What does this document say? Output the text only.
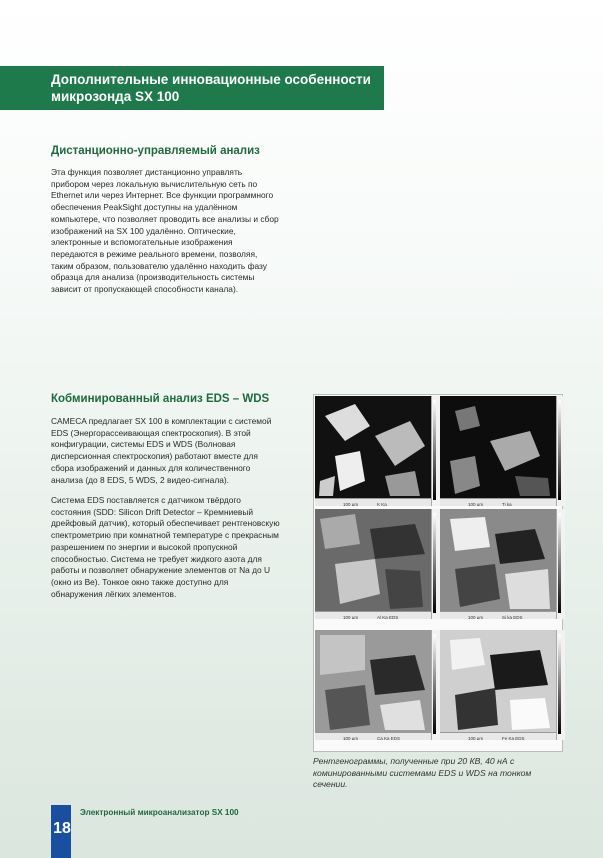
Дополнительные инновационные особенности микрозонда SX 100
Дистанционно-управляемый анализ
Эта функция позволяет дистанционно управлять
прибором через локальную вычислительную сеть по
Ethernet или через Интернет. Все функции программного
обеспечения PeakSight доступны на удалённом
компьютере, что позволяет проводить все анализы и сбор
изображений на SX 100 удалённо. Оптические,
электронные и вспомогательные изображения
передаются в режиме реального времени, позволяя,
таким образом, пользователю удалённо находить фазу
образца для анализа (производительность системы
зависит от пропускающей способности канала).
Кобминированный анализ EDS – WDS
CAMECA предлагает SX 100 в комплектации с системой
EDS (Энергорассеивающая спектроскопия). В этой
конфигурации, системы EDS и WDS (Волновая
дисперсионная спектроскопия) работают вместе для
сбора изображений и данных для количественного
анализа (до 8 EDS, 5 WDS, 2 видео-сигнала).
Система EDS поставляется с датчиком твёрдого
состояния (SDD: Silicon Drift Detector – Кремниевый
дрейфовый датчик), который обеспечивает рентгеновскую
спектрометрию при комнатной температуре с прекрасным
разрешением по энергии и высокой пропускной
способностью. Система не требует жидкого азота для
работы и позволяет обнаружение элементов от Na до U
(окно из Be). Тонкое окно также доступно для
обнаружения лёгких элементов.
100 µm	K Ka	100 µm	Ti ka
100 µm	Al Ka EDS	100 µm	Si ka EDS
100 µm	Ca Ka EDS	100 µm	Fe Ka EDS
Рентгенограммы, полученные при 20 КВ, 40 нА с
коминированными системами EDS и WDS на тонком
сечении.
18
Электронный микроанализатор SX 100
